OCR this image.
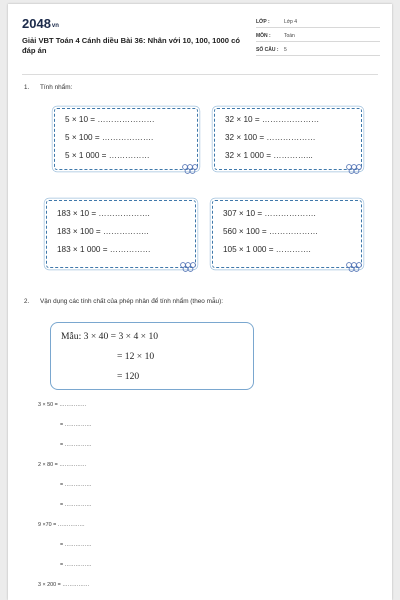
2048vn
Giải VBT Toán 4 Cánh diều Bài 36: Nhân với 10, 100, 1000 có đáp án
LỚP :	Lớp 4
MÔN :	Toán
SỐ CÂU : 5
1. Tính nhẩm:
5 × 10 = …………………
5 × 100 = ……………….
5 × 1 000 = ……………
32 × 10 = …………………
32 × 100 = ………………
32 × 1 000 = …………...
183 × 10 = ……………….
183 × 100 = ……………..
183 × 1 000 = ……………
307 × 10 = ……………….
560 × 100 = ………………
105 × 1 000 = ………….
2. Vận dụng các tính chất của phép nhân để tính nhẩm (theo mẫu):
Mẫu: 3 × 40 = 3 × 4 × 10
= 12 × 10
= 120
3 × 50 = ……………
= ……………
= ……………
2 × 80 = ……………
= ……………
= ……………
9 ×70 = ……………
= ……………
= ……………
3 × 200 = ……………
